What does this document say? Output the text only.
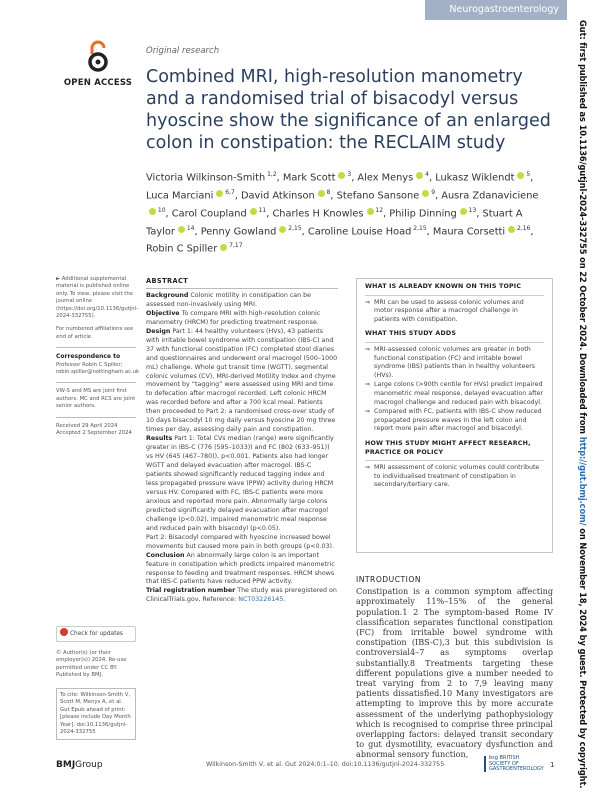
Neurogastroenterology
OPEN ACCESS
Original research
Combined MRI, high-resolution manometry and a randomised trial of bisacodyl versus hyoscine show the significance of an enlarged colon in constipation: the RECLAIM study
Victoria Wilkinson-Smith $^{1,2}$, Mark Scott $^3$, Alex Menys $^4$, Lukasz Wiklendt $^5$, Luca Marciani $^{6,7}$, David Atkinson $^8$, Stefano Sansone $^9$, Ausra Zdanaviciene $^{10}$, Carol Coupland $^{11}$, Charles H Knowles $^{12}$, Philip Dinning $^{13}$, Stuart A Taylor $^{14}$, Penny Gowland $^{2,15}$, Caroline Louise Hoad $^{2,15}$, Maura Corsetti $^{2,16}$, Robin C Spiller $^{7,17}$

► Additional supplemental material is published online only. To view, please visit the journal online (https://doi.org/10.1136/gutjnl-2024-332755).

For numbered affiliations see end of article.

Correspondence to

Professor Robin C Spiller; robin.spiller@nottingham.ac.uk

VW-S and MS are joint first authors. MC and RCS are joint senior authors.

Received 29 April 2024
Accepted 2 September 2024
Check for updates
© Author(s) (or their employer(s)) 2024. Re-use permitted under CC BY. Published by BMJ.
To cite: Wilkinson-Smith V, Scott M, Menys A, et al. Gut Epub ahead of print: [please include Day Month Year]. doi:10.1136/gutjnl-2024-332755
ABSTRACT

Background Colonic motility in constipation can be assessed non-invasively using MRI.

Objective To compare MRI with high-resolution colonic manometry (HRCM) for predicting treatment response.

Design Part 1: 44 healthy volunteers (HVs), 43 patients with irritable bowel syndrome with constipation (IBS-C) and 37 with functional constipation (FC) completed stool diaries and questionnaires and underwent oral macrogol (500–1000 mL) challenge. Whole gut transit time (WGTT), segmental colonic volumes (CV), MRI-derived Motility Index and chyme movement by “tagging” were assessed using MRI and time to defecation after macrogol recorded. Left colonic HRCM was recorded before and after a 700 kcal meal. Patients then proceeded to Part 2: a randomised cross-over study of 10 days bisacodyl 10 mg daily versus hyoscine 20 mg three times per day, assessing daily pain and constipation.

Results Part 1: Total CVs median (range) were significantly greater in IBS-C (776 (595–1033)) and FC (802 (633–951)) vs HV (645 (467–780)), p<0.001. Patients also had longer WGTT and delayed evacuation after macrogol. IBS-C patients showed significantly reduced tagging index and less propagated pressure wave (PPW) activity during HRCM versus HV. Compared with FC, IBS-C patients were more anxious and reported more pain. Abnormally large colons predicted significantly delayed evacuation after macrogol challenge (p<0.02), impaired manometric meal response and reduced pain with bisacodyl (p<0.05).

Part 2: Bisacodyl compared with hyoscine increased bowel movements but caused more pain in both groups (p<0.03).

Conclusion An abnormally large colon is an important feature in constipation which predicts impaired manometric response to feeding and treatment responses. HRCM shows that IBS-C patients have reduced PPW activity.

Trial registration number The study was preregistered on ClinicalTrials.gov, Reference: NCT03226145.

WHAT IS ALREADY KNOWN ON THIS TOPIC
⇒ MRI can be used to assess colonic volumes and motor response after a macrogol challenge in patients with constipation.
WHAT THIS STUDY ADDS
⇒ MRI-assessed colonic volumes are greater in both functional constipation (FC) and irritable bowel syndrome (IBS) patients than in healthy volunteers (HVs).
⇒ Large colons (>90th centile for HVs) predict impaired manometric meal response, delayed evacuation after macrogol challenge and reduced pain with bisacodyl.
⇒ Compared with FC, patients with IBS-C show reduced propagated pressure waves in the left colon and report more pain after macrogol and bisacodyl.
HOW THIS STUDY MIGHT AFFECT RESEARCH, PRACTICE OR POLICY
⇒ MRI assessment of colonic volumes could contribute to individualised treatment of constipation in secondary/tertiary care.
INTRODUCTION
Constipation is a common symptom affecting approximately 11%–15% of the general population.1 2 The symptom-based Rome IV classification separates functional constipation (FC) from irritable bowel syndrome with constipation (IBS-C),3 but this subdivision is controversial4–7 as symptoms overlap substantially.8 Treatments targeting these different populations give a number needed to treat varying from 2 to 7,9 leaving many patients dissatisfied.10 Many investigators are attempting to improve this by more accurate assessment of the underlying pathophysiology which is recognised to comprise three principal overlapping factors: delayed transit secondary to gut dysmotility, evacuatory dysfunction and abnormal sensory function,
BMJGroup	Wilkinson-Smith V, et al. Gut 2024;0:1–10. doi:10.1136/gutjnl-2024-332755
bsg BRITISH SOCIETY OF GASTROENTEROLOGY 1
Gut: first published as 10.1136/gutjnl-2024-332755 on 22 October 2024. Downloaded from http://gut.bmj.com/ on November 18, 2024 by guest. Protected by copyright.
